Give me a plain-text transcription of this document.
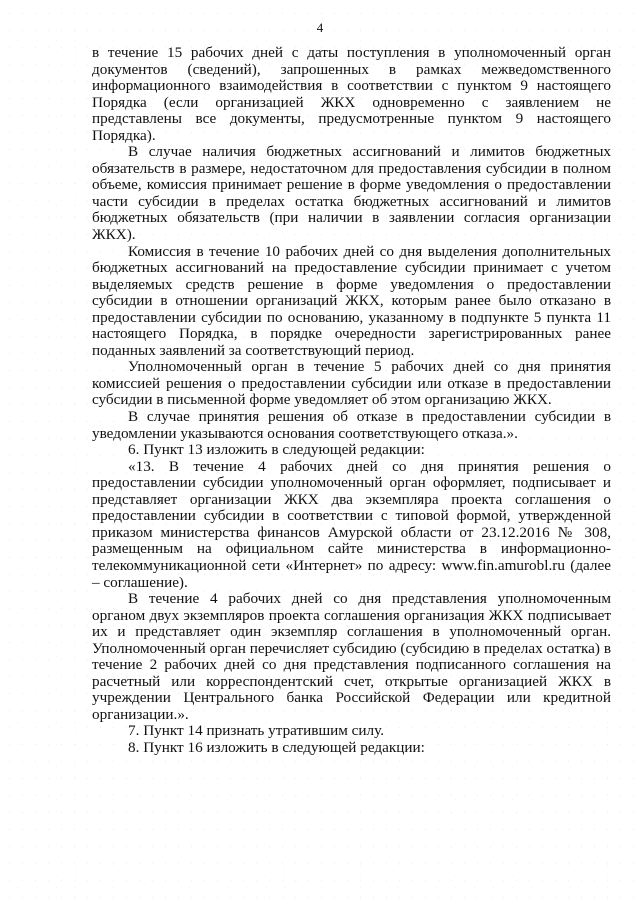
4

в течение 15 рабочих дней с даты поступления в уполномоченный орган документов (сведений), запрошенных в рамках межведомственного информационного взаимодействия в соответствии с пунктом 9 настоящего Порядка (если организацией ЖКХ одновременно с заявлением не представлены все документы, предусмотренные пунктом 9 настоящего Порядка).

В случае наличия бюджетных ассигнований и лимитов бюджетных обязательств в размере, недостаточном для предоставления субсидии в полном объеме, комиссия принимает решение в форме уведомления о предоставлении части субсидии в пределах остатка бюджетных ассигнований и лимитов бюджетных обязательств (при наличии в заявлении согласия организации ЖКХ).

Комиссия в течение 10 рабочих дней со дня выделения дополнительных бюджетных ассигнований на предоставление субсидии принимает с учетом выделяемых средств решение в форме уведомления о предоставлении субсидии в отношении организаций ЖКХ, которым ранее было отказано в предоставлении субсидии по основанию, указанному в подпункте 5 пункта 11 настоящего Порядка, в порядке очередности зарегистрированных ранее поданных заявлений за соответствующий период.

Уполномоченный орган в течение 5 рабочих дней со дня принятия комиссией решения о предоставлении субсидии или отказе в предоставлении субсидии в письменной форме уведомляет об этом организацию ЖКХ.

В случае принятия решения об отказе в предоставлении субсидии в уведомлении указываются основания соответствующего отказа.».

6. Пункт 13 изложить в следующей редакции:

«13. В течение 4 рабочих дней со дня принятия решения о предоставлении субсидии уполномоченный орган оформляет, подписывает и представляет организации ЖКХ два экземпляра проекта соглашения о предоставлении субсидии в соответствии с типовой формой, утвержденной приказом министерства финансов Амурской области от 23.12.2016 № 308, размещенным на официальном сайте министерства в информационно-телекоммуникационной сети «Интернет» по адресу: www.fin.amurobl.ru (далее – соглашение).

В течение 4 рабочих дней со дня представления уполномоченным органом двух экземпляров проекта соглашения организация ЖКХ подписывает их и представляет один экземпляр соглашения в уполномоченный орган. Уполномоченный орган перечисляет субсидию (субсидию в пределах остатка) в течение 2 рабочих дней со дня представления подписанного соглашения на расчетный или корреспондентский счет, открытые организацией ЖКХ в учреждении Центрального банка Российской Федерации или кредитной организации.».

7. Пункт 14 признать утратившим силу.

8. Пункт 16 изложить в следующей редакции:
